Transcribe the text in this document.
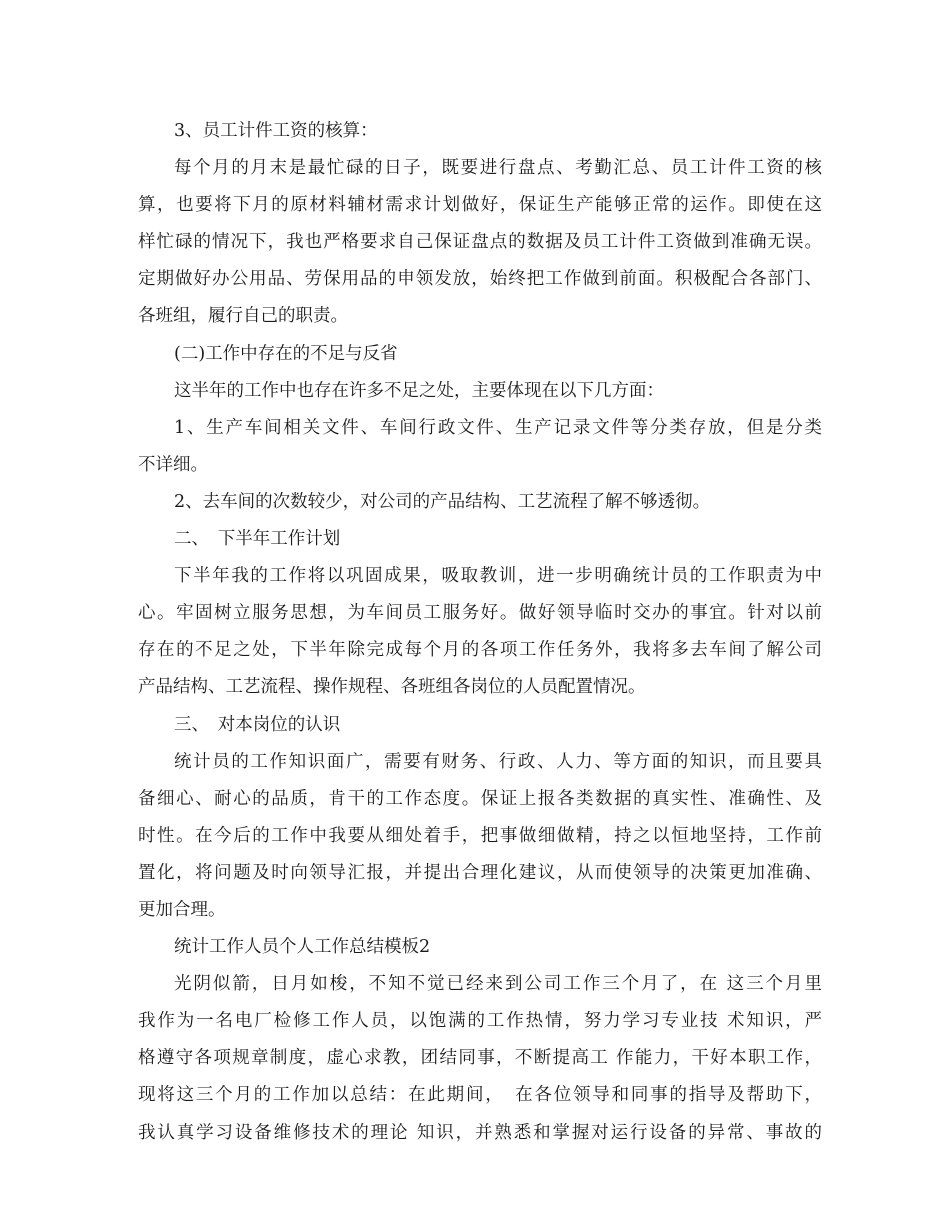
3、员工计件工资的核算：
每个月的月末是最忙碌的日子，既要进行盘点、考勤汇总、员工计件工资的核
算，也要将下月的原材料辅材需求计划做好，保证生产能够正常的运作。即使在这
样忙碌的情况下，我也严格要求自己保证盘点的数据及员工计件工资做到准确无误。
定期做好办公用品、劳保用品的申领发放，始终把工作做到前面。积极配合各部门、
各班组，履行自己的职责。
(二)工作中存在的不足与反省
这半年的工作中也存在许多不足之处，主要体现在以下几方面：
1、生产车间相关文件、车间行政文件、生产记录文件等分类存放，但是分类
不详细。
2、去车间的次数较少，对公司的产品结构、工艺流程了解不够透彻。
二、　下半年工作计划
下半年我的工作将以巩固成果，吸取教训，进一步明确统计员的工作职责为中
心。牢固树立服务思想，为车间员工服务好。做好领导临时交办的事宜。针对以前
存在的不足之处，下半年除完成每个月的各项工作任务外，我将多去车间了解公司
产品结构、工艺流程、操作规程、各班组各岗位的人员配置情况。
三、　对本岗位的认识
统计员的工作知识面广，需要有财务、行政、人力、等方面的知识，而且要具
备细心、耐心的品质，肯干的工作态度。保证上报各类数据的真实性、准确性、及
时性。在今后的工作中我要从细处着手，把事做细做精，持之以恒地坚持，工作前
置化，将问题及时向领导汇报，并提出合理化建议，从而使领导的决策更加准确、
更加合理。
统计工作人员个人工作总结模板2
光阴似箭，日月如梭，不知不觉已经来到公司工作三个月了，在 这三个月里
我作为一名电厂检修工作人员，以饱满的工作热情，努力学习专业技 术知识，严
格遵守各项规章制度，虚心求教，团结同事，不断提高工 作能力，干好本职工作，
现将这三个月的工作加以总结：在此期间，　在各位领导和同事的指导及帮助下，
我认真学习设备维修技术的理论 知识，并熟悉和掌握对运行设备的异常、事故的
